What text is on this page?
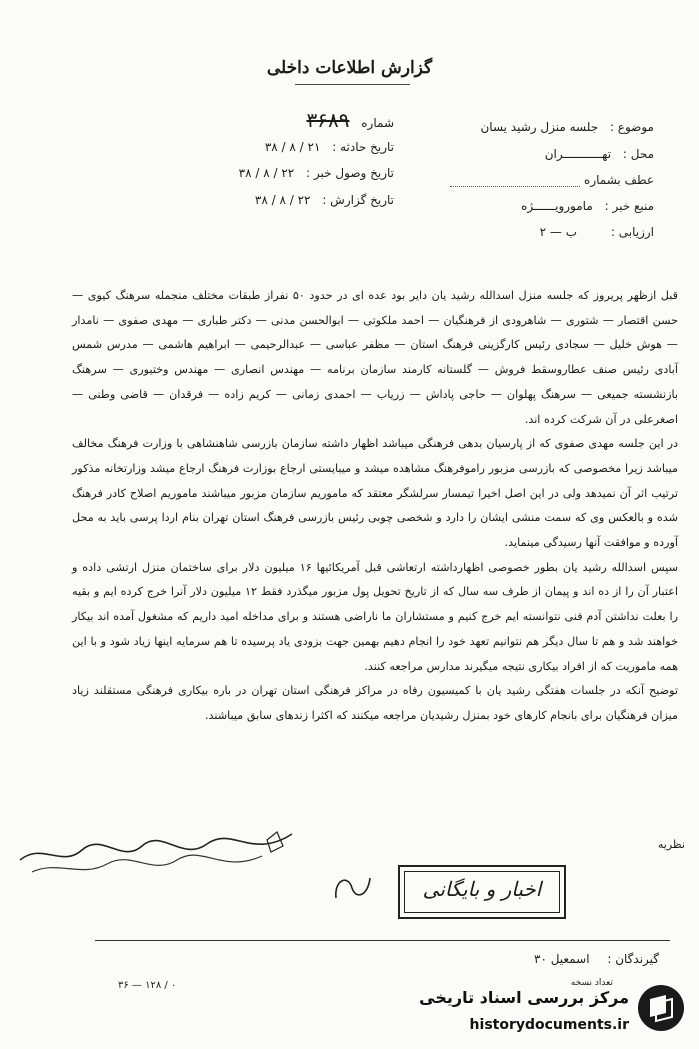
گزارش اطلاعات داخلی
موضوع : جلسه منزل رشید یسان
محل : تهـــــــــــران
عطف بشماره
منبع خبر : مامورویــــــژه
ارزیابی : ب — ۲
شماره ۳۶۸۹
تاریخ حادثه : ۲۱ / ۸ / ۳۸
تاریخ وصول خبر : ۲۲ / ۸ / ۳۸
تاریخ گزارش : ۲۲ / ۸ / ۳۸

قبل ازظهر پریروز که جلسه منزل اسدالله رشید یان دایر بود عده ای در حدود ۵۰ نفراز طبقات مختلف منجمله سرهنگ کیوی — حسن اقتصار — شتوری — شاهرودی از فرهنگیان — احمد ملکوتی — ابوالحسن مدنی — دکتر طباری — مهدی صفوی — نامدار — هوش خلیل — سجادی رئیس کارگزینی فرهنگ استان — مظفر عباسی — عبدالرحیمی — ابراهیم هاشمی — مدرس شمس آبادی رئیس صنف عطاروسقط فروش — گلستانه کارمند سازمان برنامه — مهندس انصاری — مهندس وختیوری — سرهنگ بازنشسته جمیعی — سرهنگ پهلوان — حاجی پاداش — زریاب — احمدی زمانی — کریم زاده — فرقدان — قاضی وطنی — اصغرعلی در آن شرکت کرده اند.

در این جلسه مهدی صفوی که از پارسیان بدهی فرهنگی میباشد اظهار داشته سازمان بازرسی شاهنشاهی با وزارت فرهنگ مخالف میباشد زیرا مخصوصی که بازرسی مزبور راموفرهنگ مشاهده میشد و میبایستی ارجاع بوزارت فرهنگ ارجاع میشد وزارتخانه مذکور ترتیب اثر آن نمیدهد ولی در این اصل اخیرا تیمسار سرلشگر معتقد که ماموریم سازمان مزبور میباشند ماموریم اصلاح کادر فرهنگ شده و بالعکس وی که سمت منشی ایشان را دارد و شخصی چوبی رئیس بازرسی فرهنگ استان تهران بنام اردا پرسی باید به محل آورده و موافقت آنها رسیدگی مینماید.

سپس اسدالله رشید یان بطور خصوصی اظهارداشته ارتعاشی قبل آمریکائیها ۱۶ میلیون دلار برای ساختمان منزل ارتشی داده و اعتبار آن را از ده اند و پیمان از طرف سه سال که از تاریخ تحویل پول مزبور میگذرد فقط ۱۲ میلیون دلار آنرا خرج کرده ایم و بقیه را بعلت نداشتن آدم فنی نتوانسته ایم خرج کنیم و مستشاران ما ناراضی هستند و برای مداخله امید داریم که مشغول آمده اند بیکار خواهند شد و هم تا سال دیگر هم نتوانیم تعهد خود را انجام دهیم بهمین جهت بزودی یاد پرسیده تا هم سرمایه اینها زیاد شود و با این همه ماموریت که از افراد بیکاری نتیجه میگیرند مدارس مراجعه کنند.

توضیح آنکه در جلسات هفتگی رشید یان با کمیسیون رفاه در مراکز فرهنگی استان تهران در باره بیکاری فرهنگی مستقلند زیاد میزان فرهنگیان برای بانجام کارهای خود بمنزل رشیدیان مراجعه میکنند که اکثرا زندهای سابق میباشند.

نظریه
اخبار و بایگانی
گیرندگان : اسمعیل ۳۰
تعداد نسخه
۳۶ — ۱۲۸ / ۰
مرکز بررسی اسناد تاریخی
historydocuments.ir
